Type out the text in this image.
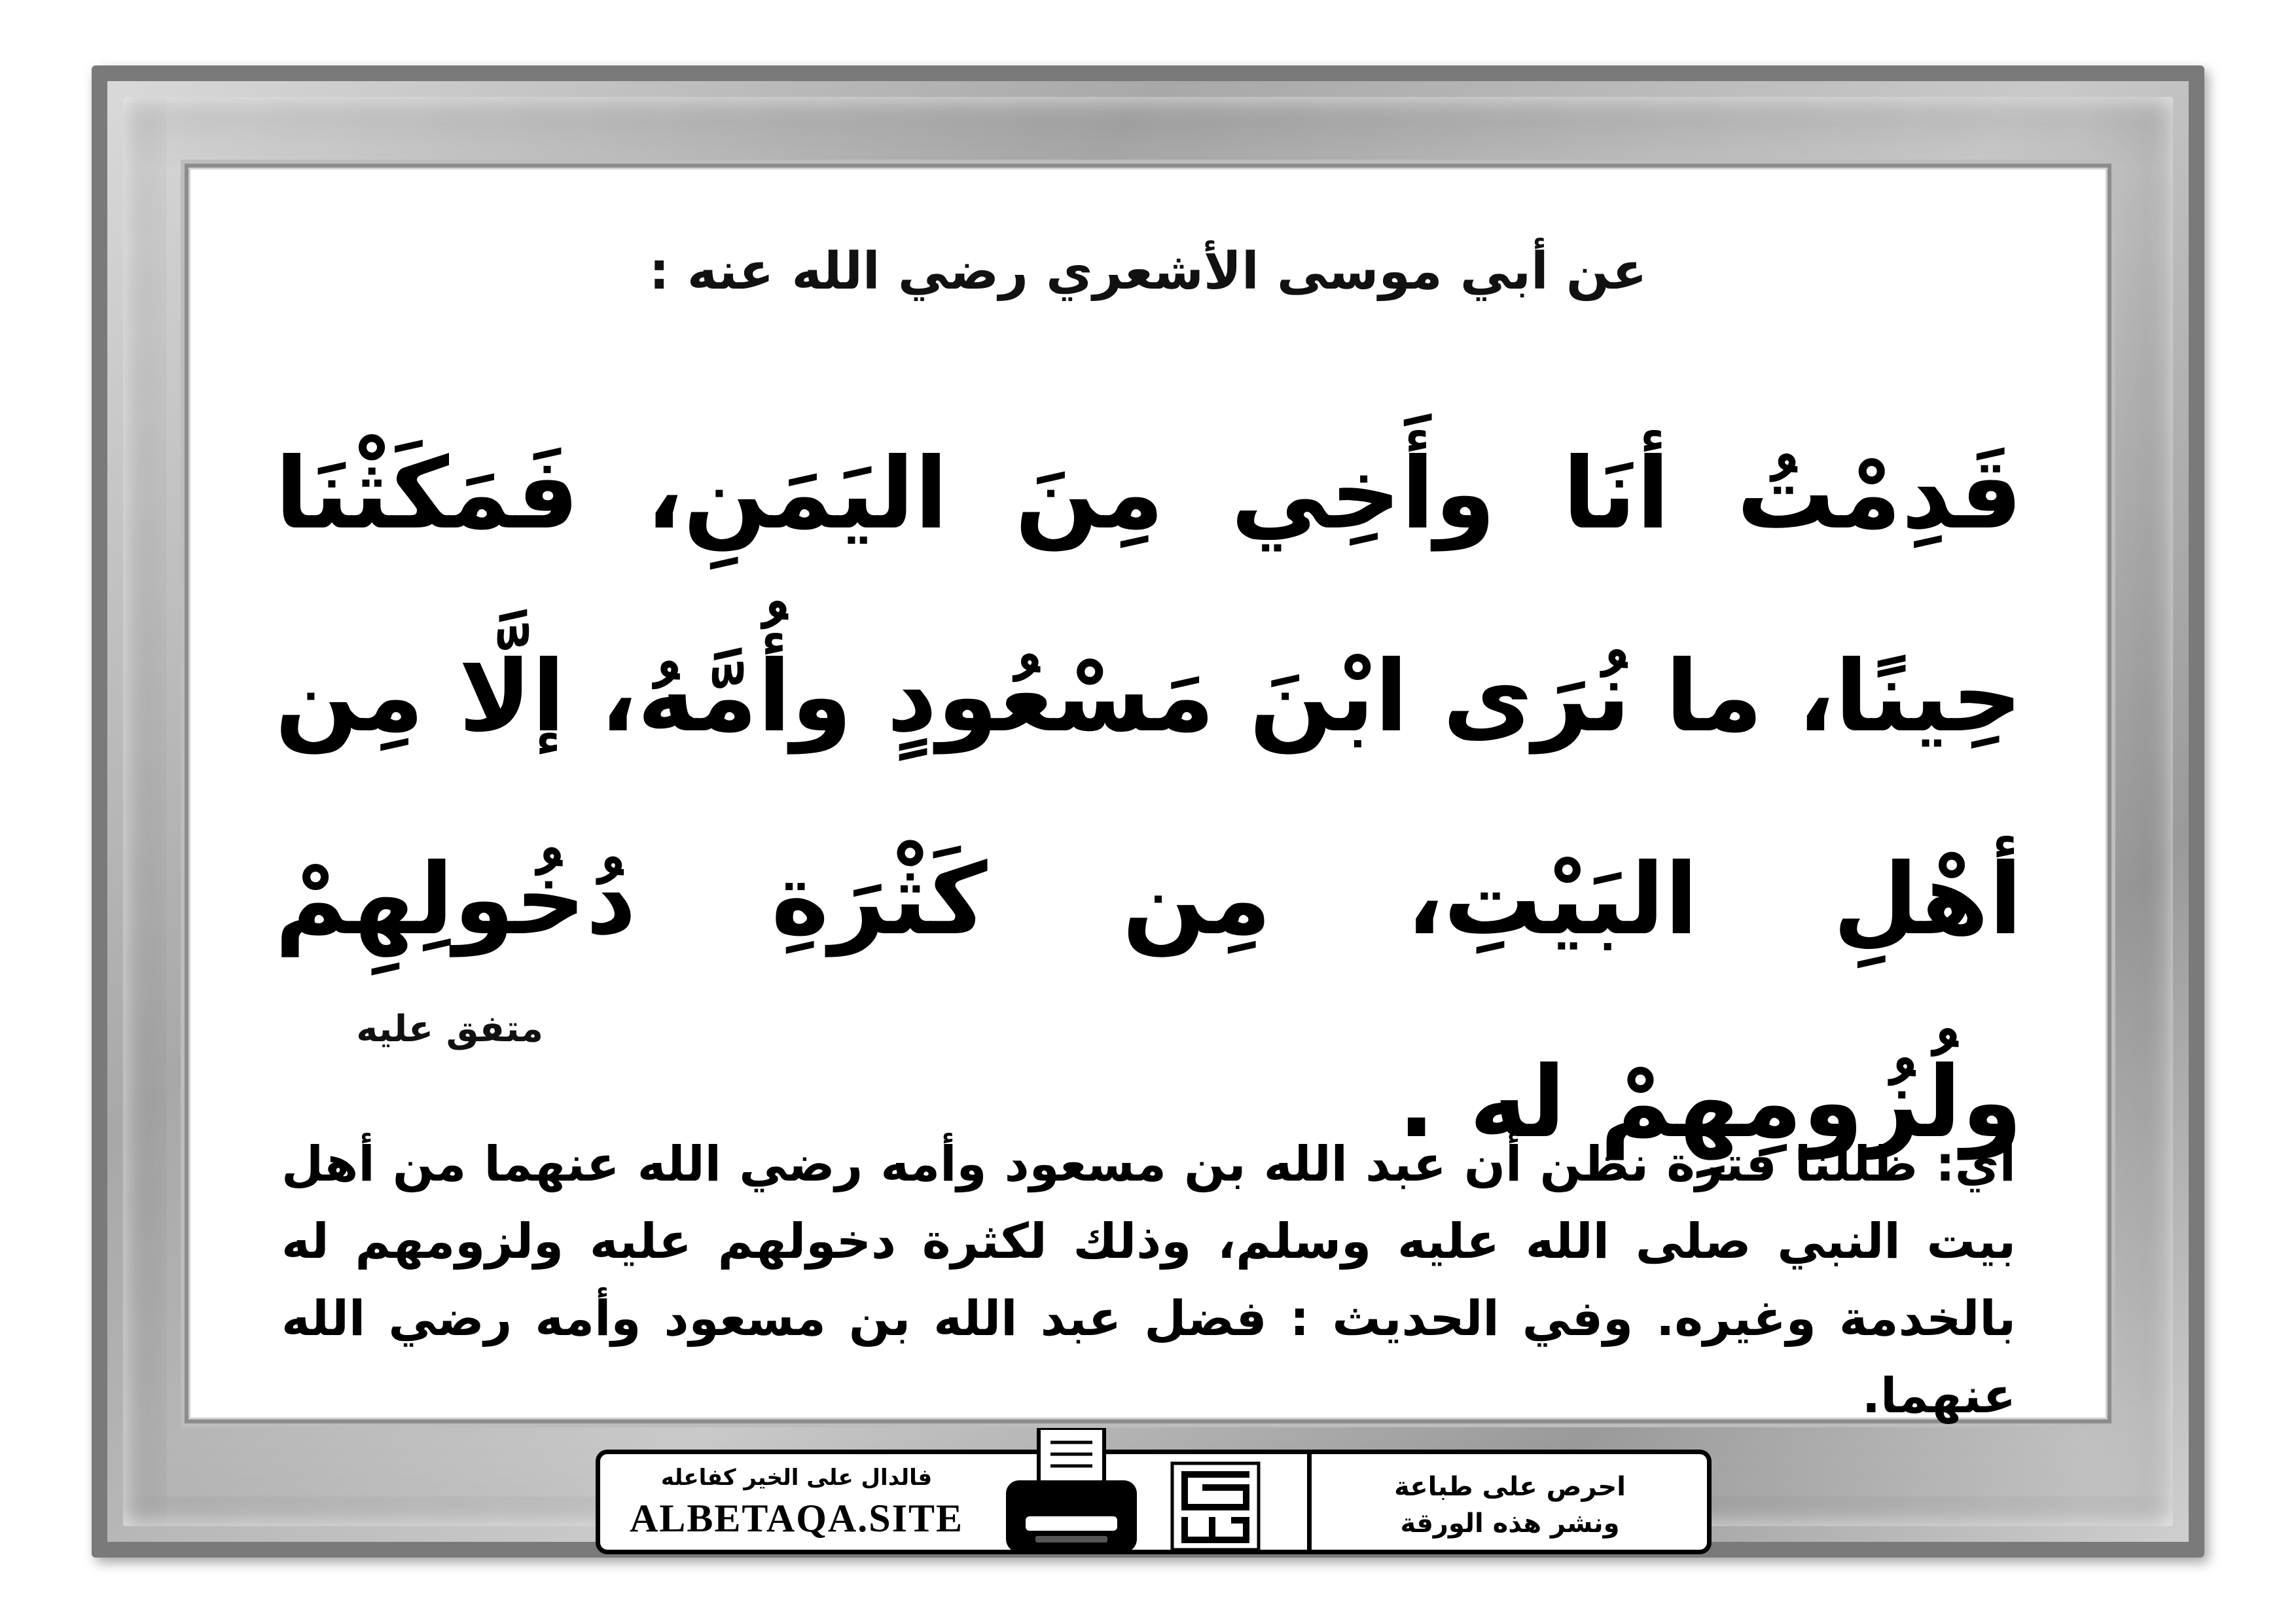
عن أبي موسى الأشعري رضي الله عنه :
قَدِمْتُ أنَا وأَخِي مِنَ اليَمَنِ، فَمَكَثْنَا حِينًا، ما نُرَى ابْنَ مَسْعُودٍ وأُمَّهُ، إلَّا مِن أهْلِ البَيْتِ، مِن كَثْرَةِ دُخُولِهِمْ ولُزُومِهِمْ له .
متفق عليه
أي: ظللنا فترة نظن أن عبد الله بن مسعود وأمه رضي الله عنهما من أهل بيت النبي صلى الله عليه وسلم، وذلك لكثرة دخولهم عليه ولزومهم له بالخدمة وغيره. وفي الحديث : فضل عبد الله بن مسعود وأمه رضي الله عنهما.
فالدال على الخير كفاعله
ALBETAQA.SITE
احرص على طباعة
ونشر هذه الورقة
